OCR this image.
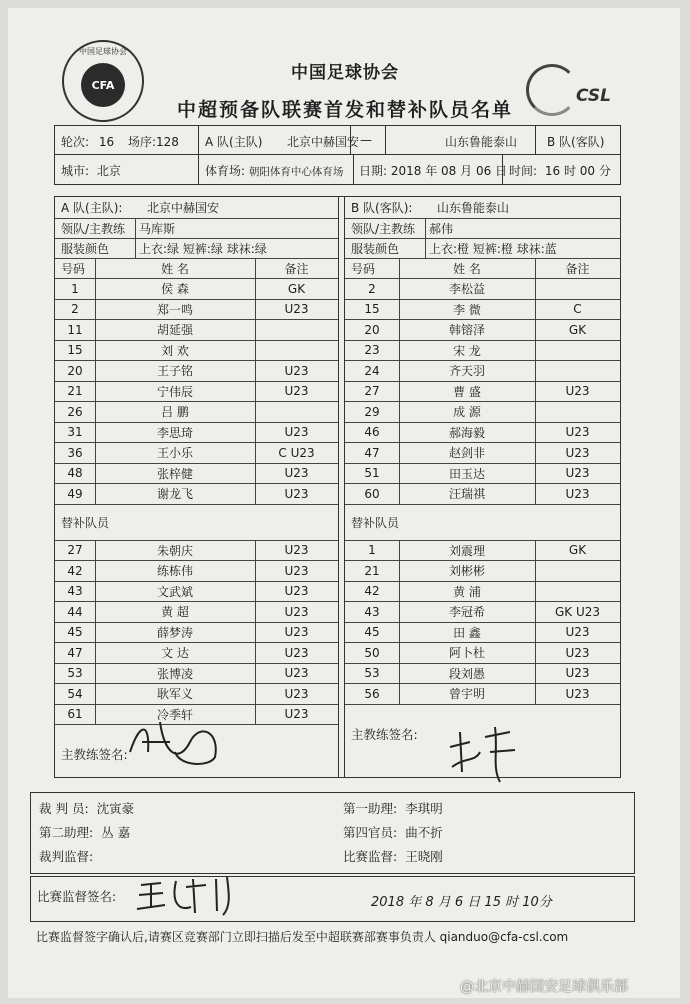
中国足球协会
CFA
CSL
中国足球协会
中超预备队联赛首发和替补队员名单
轮次: 16 场序:128 A 队(主队) 北京中赫国安 —	山东鲁能泰山 B 队(客队)
城市: 北京	体育场: 朝阳体育中心体育场 日期: 2018 年 08 月 06 日 时间: 16 时 00 分
A 队(主队): 北京中赫国安
领队/主教练 马库斯
服装颜色 上衣:绿 短裤:绿 球袜:绿
号码	姓 名	备注
1	侯 森	GK
2	郑一鸣	U23
11	胡延强
15	刘 欢
20	王子铭	U23
21	宁伟辰	U23
26	吕 鹏
31	李思琦	U23
36	王小乐	C U23
48	张梓健	U23
49	谢龙飞	U23
替补队员
27	朱朝庆	U23
42	练栋伟	U23
43	文武斌	U23
44	黄 超	U23
45	薛梦涛	U23
47	文 达	U23
53	张博凌	U23
54	耿军义	U23
61	冷季轩	U23
主教练签名:
B 队(客队): 山东鲁能泰山
领队/主教练 郝伟
服装颜色 上衣:橙 短裤:橙 球袜:蓝
号码	姓 名	备注
2	李松益
15	李 微	C
20	韩镕泽	GK
23	宋 龙
24	齐天羽
27	曹 盛	U23
29	成 源
46	郝海毅	U23
47	赵剑非	U23
51	田玉达	U23
60	汪瑞祺	U23
替补队员
1	刘震理	GK
21	刘彬彬
42	黄 浦
43	李冠希	GK U23
45	田 鑫	U23
50	阿卜杜	U23
53	段刘愚	U23
56	曾宇明	U23
主教练签名:
裁 判 员: 沈寅豪	第一助理: 李琪明
第二助理: 丛 嘉	第四官员: 曲不折
裁判监督:	比赛监督: 王晓刚
比赛监督签名:	2018 年 8 月 6 日 15 时 10分
比赛监督签字确认后,请赛区竞赛部门立即扫描后发至中超联赛部赛事负责人 qianduo@cfa-csl.com
@北京中赫国安足球俱乐部
